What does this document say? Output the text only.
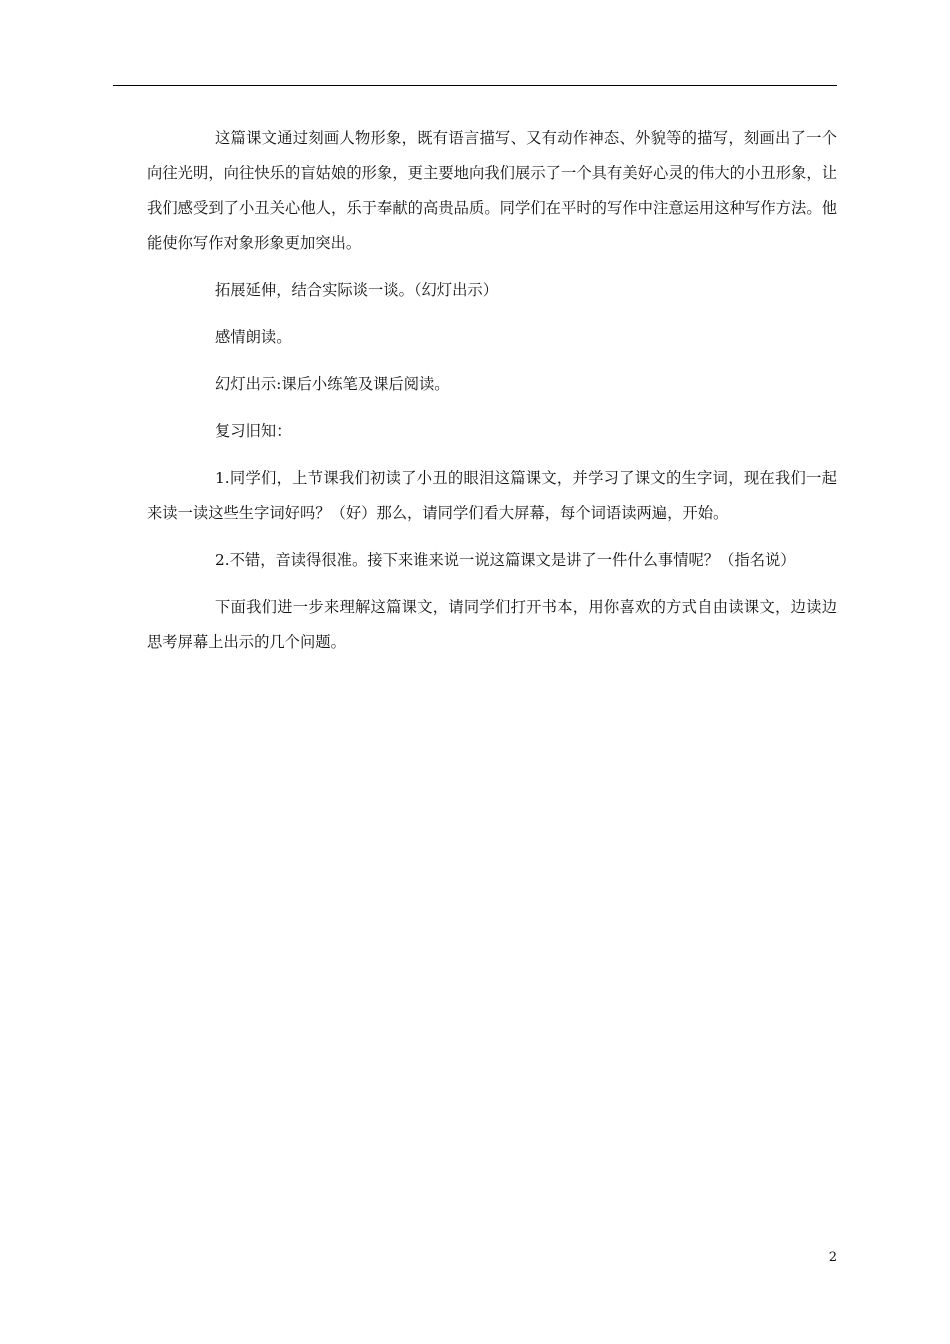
这篇课文通过刻画人物形象，既有语言描写、又有动作神态、外貌等的描写，刻画出了一个向往光明，向往快乐的盲姑娘的形象，更主要地向我们展示了一个具有美好心灵的伟大的小丑形象，让我们感受到了小丑关心他人，乐于奉献的高贵品质。同学们在平时的写作中注意运用这种写作方法。他能使你写作对象形象更加突出。

拓展延伸，结合实际谈一谈。（幻灯出示）

感情朗读。

幻灯出示:课后小练笔及课后阅读。

复习旧知：

1.同学们，上节课我们初读了小丑的眼泪这篇课文，并学习了课文的生字词，现在我们一起来读一读这些生字词好吗？（好）那么，请同学们看大屏幕，每个词语读两遍，开始。

2.不错，音读得很准。接下来谁来说一说这篇课文是讲了一件什么事情呢？（指名说）

下面我们进一步来理解这篇课文，请同学们打开书本，用你喜欢的方式自由读课文，边读边思考屏幕上出示的几个问题。

2
